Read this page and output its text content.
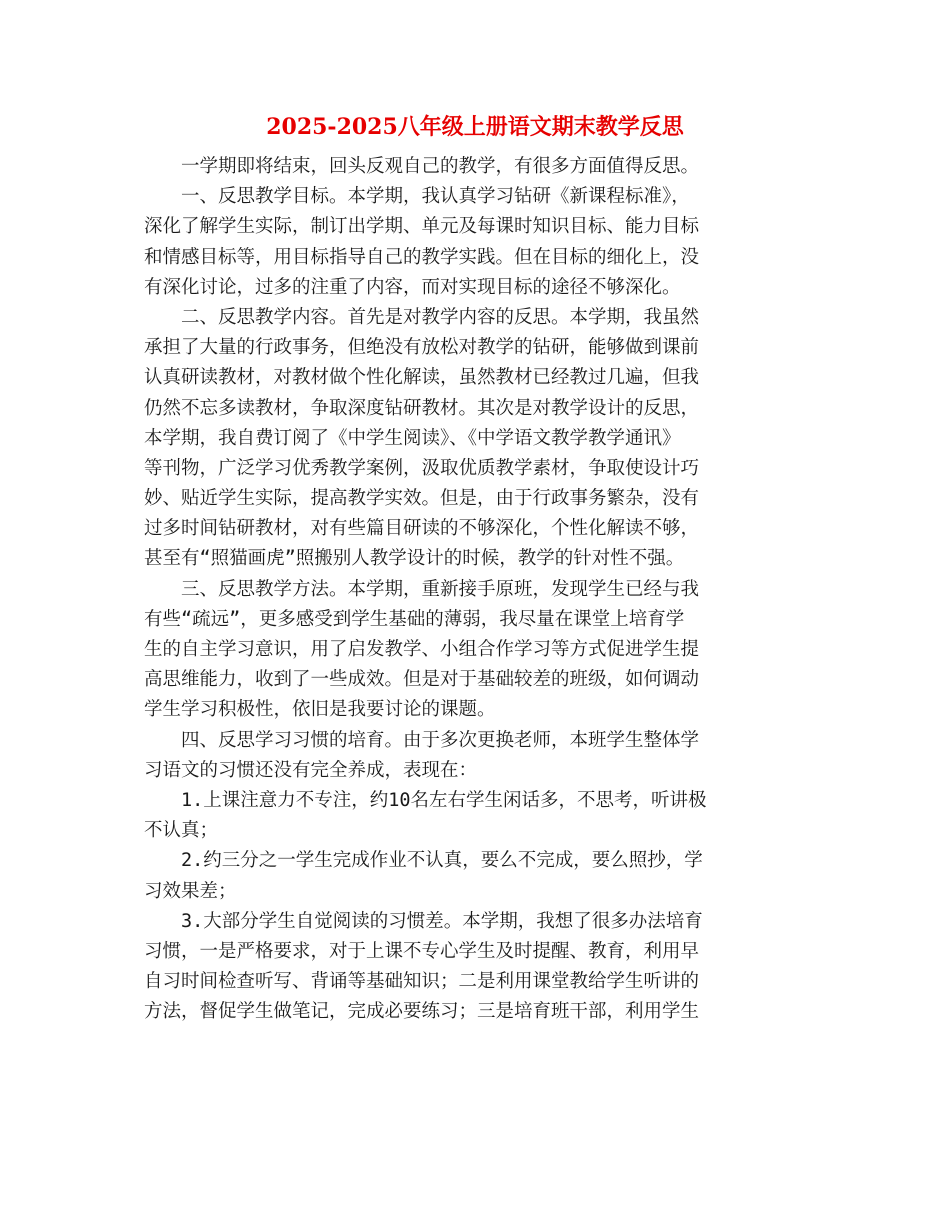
2025-2025八年级上册语文期末教学反思
　　一学期即将结束，回头反观自己的教学，有很多方面值得反思。
　　一、反思教学目标。本学期，我认真学习钻研《新课程标准》，
深化了解学生实际，制订出学期、单元及每课时知识目标、能力目标
和情感目标等，用目标指导自己的教学实践。但在目标的细化上，没
有深化讨论，过多的注重了内容，而对实现目标的途径不够深化。
　　二、反思教学内容。首先是对教学内容的反思。本学期，我虽然
承担了大量的行政事务，但绝没有放松对教学的钻研，能够做到课前
认真研读教材，对教材做个性化解读，虽然教材已经教过几遍，但我
仍然不忘多读教材，争取深度钻研教材。其次是对教学设计的反思，
本学期，我自费订阅了《中学生阅读》、《中学语文教学教学通讯》
等刊物，广泛学习优秀教学案例，汲取优质教学素材，争取使设计巧
妙、贴近学生实际，提高教学实效。但是，由于行政事务繁杂，没有
过多时间钻研教材，对有些篇目研读的不够深化，个性化解读不够，
甚至有“照猫画虎”照搬别人教学设计的时候，教学的针对性不强。
　　三、反思教学方法。本学期，重新接手原班，发现学生已经与我
有些“疏远”，更多感受到学生基础的薄弱，我尽量在课堂上培育学
生的自主学习意识，用了启发教学、小组合作学习等方式促进学生提
高思维能力，收到了一些成效。但是对于基础较差的班级，如何调动
学生学习积极性，依旧是我要讨论的课题。
　　四、反思学习习惯的培育。由于多次更换老师，本班学生整体学
习语文的习惯还没有完全养成，表现在：
　　1.上课注意力不专注，约10名左右学生闲话多，不思考，听讲极
不认真；
　　2.约三分之一学生完成作业不认真，要么不完成，要么照抄，学
习效果差；
　　3.大部分学生自觉阅读的习惯差。本学期，我想了很多办法培育
习惯，一是严格要求，对于上课不专心学生及时提醒、教育，利用早
自习时间检查听写、背诵等基础知识；二是利用课堂教给学生听讲的
方法，督促学生做笔记，完成必要练习；三是培育班干部，利用学生
